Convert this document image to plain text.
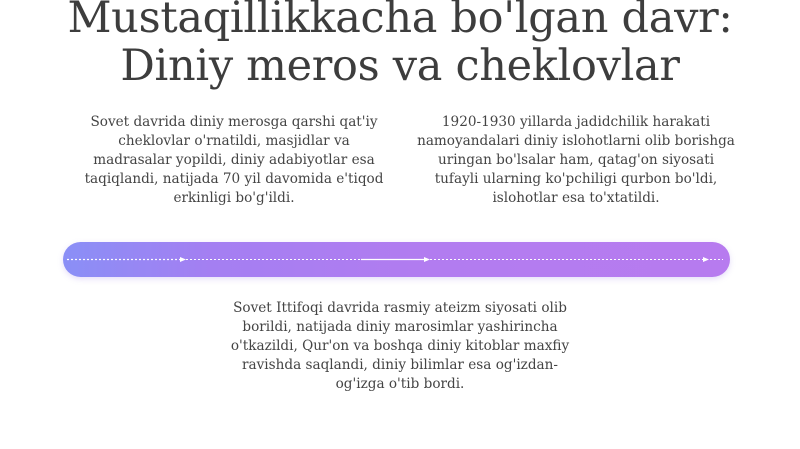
Mustaqillikkacha bo'lgan davr:
Diniy meros va cheklovlar
Sovet davrida diniy merosga qarshi qat'iy cheklovlar o'rnatildi, masjidlar va madrasalar yopildi, diniy adabiyotlar esa taqiqlandi, natijada 70 yil davomida e'tiqod erkinligi bo'g'ildi.
1920-1930 yillarda jadidchilik harakati namoyandalari diniy islohotlarni olib borishga uringan bo'lsalar ham, qatag'on siyosati tufayli ularning ko'pchiligi qurbon bo'ldi, islohotlar esa to'xtatildi.
Sovet Ittifoqi davrida rasmiy ateizm siyosati olib borildi, natijada diniy marosimlar yashirincha o'tkazildi, Qur'on va boshqa diniy kitoblar maxfiy ravishda saqlandi, diniy bilimlar esa og'izdan-og'izga o'tib bordi.
